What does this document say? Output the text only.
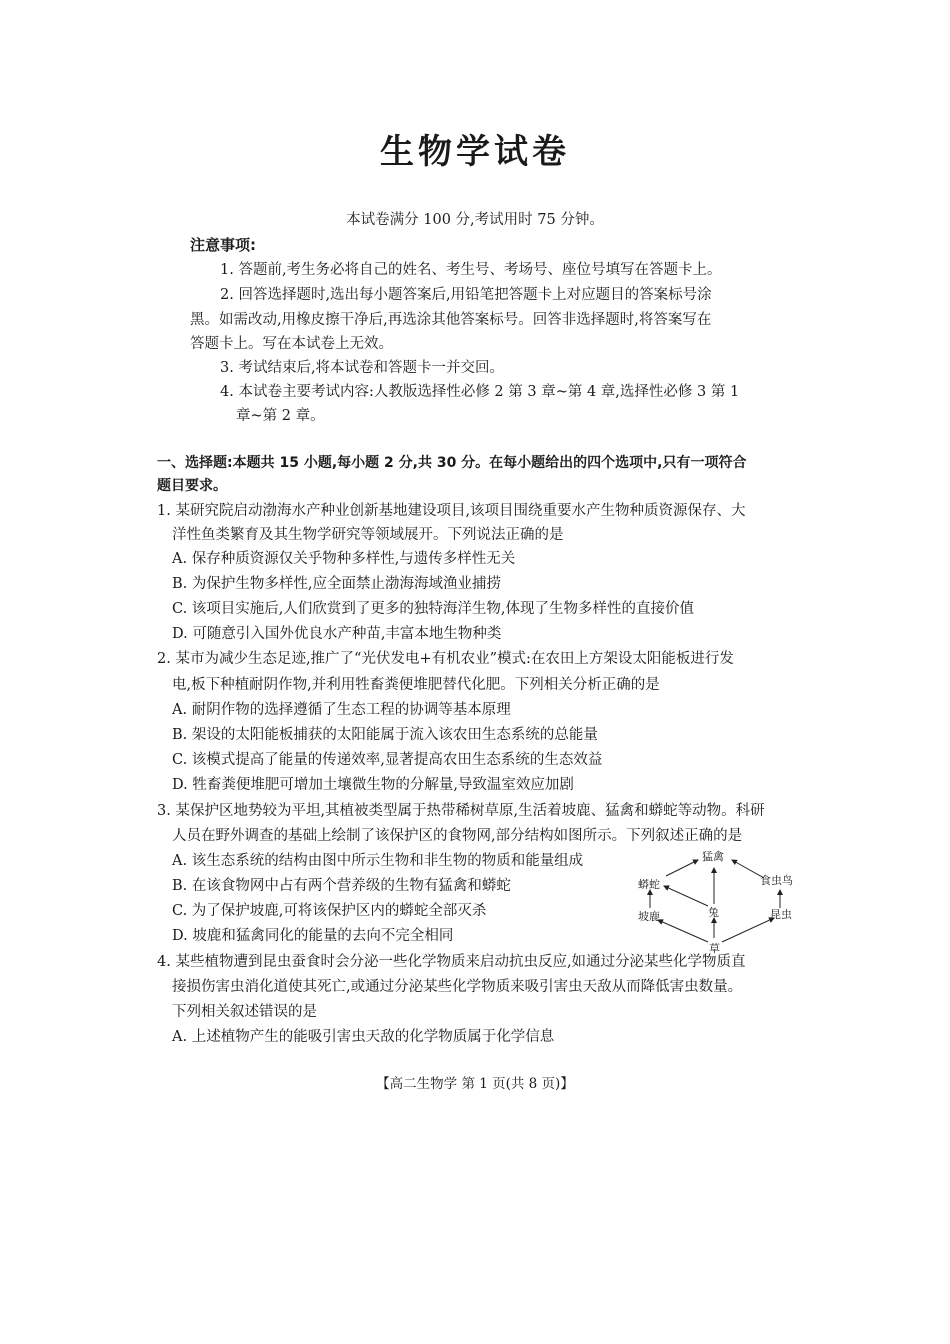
生物学试卷
本试卷满分 100 分,考试用时 75 分钟。
注意事项:
1. 答题前,考生务必将自己的姓名、考生号、考场号、座位号填写在答题卡上。
2. 回答选择题时,选出每小题答案后,用铅笔把答题卡上对应题目的答案标号涂
黑。如需改动,用橡皮擦干净后,再选涂其他答案标号。回答非选择题时,将答案写在
答题卡上。写在本试卷上无效。
3. 考试结束后,将本试卷和答题卡一并交回。
4. 本试卷主要考试内容:人教版选择性必修 2 第 3 章~第 4 章,选择性必修 3 第 1
章~第 2 章。
一、选择题:本题共 15 小题,每小题 2 分,共 30 分。在每小题给出的四个选项中,只有一项符合
题目要求。
1. 某研究院启动渤海水产种业创新基地建设项目,该项目围绕重要水产生物种质资源保存、大
洋性鱼类繁育及其生物学研究等领域展开。下列说法正确的是
A. 保存种质资源仅关乎物种多样性,与遗传多样性无关
B. 为保护生物多样性,应全面禁止渤海海域渔业捕捞
C. 该项目实施后,人们欣赏到了更多的独特海洋生物,体现了生物多样性的直接价值
D. 可随意引入国外优良水产种苗,丰富本地生物种类
2. 某市为减少生态足迹,推广了“光伏发电+有机农业”模式:在农田上方架设太阳能板进行发
电,板下种植耐阴作物,并利用牲畜粪便堆肥替代化肥。下列相关分析正确的是
A. 耐阴作物的选择遵循了生态工程的协调等基本原理
B. 架设的太阳能板捕获的太阳能属于流入该农田生态系统的总能量
C. 该模式提高了能量的传递效率,显著提高农田生态系统的生态效益
D. 牲畜粪便堆肥可增加土壤微生物的分解量,导致温室效应加剧
3. 某保护区地势较为平坦,其植被类型属于热带稀树草原,生活着坡鹿、猛禽和蟒蛇等动物。科研
人员在野外调查的基础上绘制了该保护区的食物网,部分结构如图所示。下列叙述正确的是
A. 该生态系统的结构由图中所示生物和非生物的物质和能量组成
B. 在该食物网中占有两个营养级的生物有猛禽和蟒蛇
C. 为了保护坡鹿,可将该保护区内的蟒蛇全部灭杀
D. 坡鹿和猛禽同化的能量的去向不完全相同
猛禽
食虫鸟
蟒蛇
兔
坡鹿	昆虫
草
4. 某些植物遭到昆虫蚕食时会分泌一些化学物质来启动抗虫反应,如通过分泌某些化学物质直
接损伤害虫消化道使其死亡,或通过分泌某些化学物质来吸引害虫天敌从而降低害虫数量。
下列相关叙述错误的是
A. 上述植物产生的能吸引害虫天敌的化学物质属于化学信息
【高二生物学 第 1 页(共 8 页)】
